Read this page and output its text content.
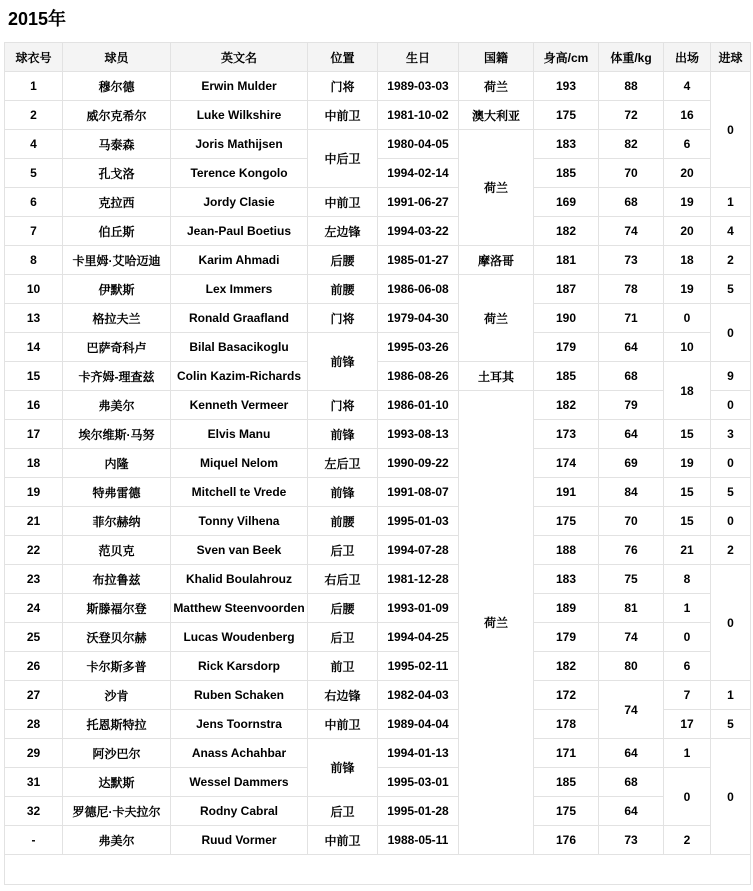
2015年
球衣号	球员	英文名	位置	生日	国籍	身高/cm	体重/kg	出场	进球
1	穆尔德	Erwin Mulder	门将	1989-03-03	荷兰	193	88	4	0
2	威尔克希尔	Luke Wilkshire	中前卫	1981-10-02	澳大利亚	175	72	16	
4	马泰森	Joris Mathijsen	中后卫	1980-04-05	荷兰	183	82	6	
5	孔戈洛	Terence Kongolo		1994-02-14		185	70	20	
6	克拉西	Jordy Clasie	中前卫	1991-06-27		169	68	19	1
7	伯丘斯	Jean-Paul Boetius	左边锋	1994-03-22		182	74	20	4
8	卡里姆·艾哈迈迪	Karim Ahmadi	后腰	1985-01-27	摩洛哥	181	73	18	2
10	伊默斯	Lex Immers	前腰	1986-06-08	荷兰	187	78	19	5
13	格拉夫兰	Ronald Graafland	门将	1979-04-30		190	71	0	0
14	巴萨奇科卢	Bilal Basacikoglu	前锋	1995-03-26		179	64	10	
15	卡齐姆-理查兹	Colin Kazim-Richards		1986-08-26	土耳其	185	68	18	9
16	弗美尔	Kenneth Vermeer	门将	1986-01-10	荷兰	182	79		0
17	埃尔维斯·马努	Elvis Manu	前锋	1993-08-13		173	64	15	3
18	内隆	Miquel Nelom	左后卫	1990-09-22		174	69	19	0
19	特弗雷德	Mitchell te Vrede	前锋	1991-08-07		191	84	15	5
21	菲尔赫纳	Tonny Vilhena	前腰	1995-01-03		175	70	15	0
22	范贝克	Sven van Beek	后卫	1994-07-28		188	76	21	2
23	布拉鲁兹	Khalid Boulahrouz	右后卫	1981-12-28		183	75	8	0
24	斯滕福尔登	Matthew Steenvoorden	后腰	1993-01-09		189	81	1	
25	沃登贝尔赫	Lucas Woudenberg	后卫	1994-04-25		179	74	0	
26	卡尔斯多普	Rick Karsdorp	前卫	1995-02-11		182	80	6	
27	沙肯	Ruben Schaken	右边锋	1982-04-03		172	74	7	1
28	托恩斯特拉	Jens Toornstra	中前卫	1989-04-04		178		17	5
29	阿沙巴尔	Anass Achahbar	前锋	1994-01-13		171	64	1	0
31	达默斯	Wessel Dammers		1995-03-01		185	68	0	
32	罗德尼·卡夫拉尔	Rodny Cabral	后卫	1995-01-28		175	64		
-	弗美尔	Ruud Vormer	中前卫	1988-05-11		176	73	2	
